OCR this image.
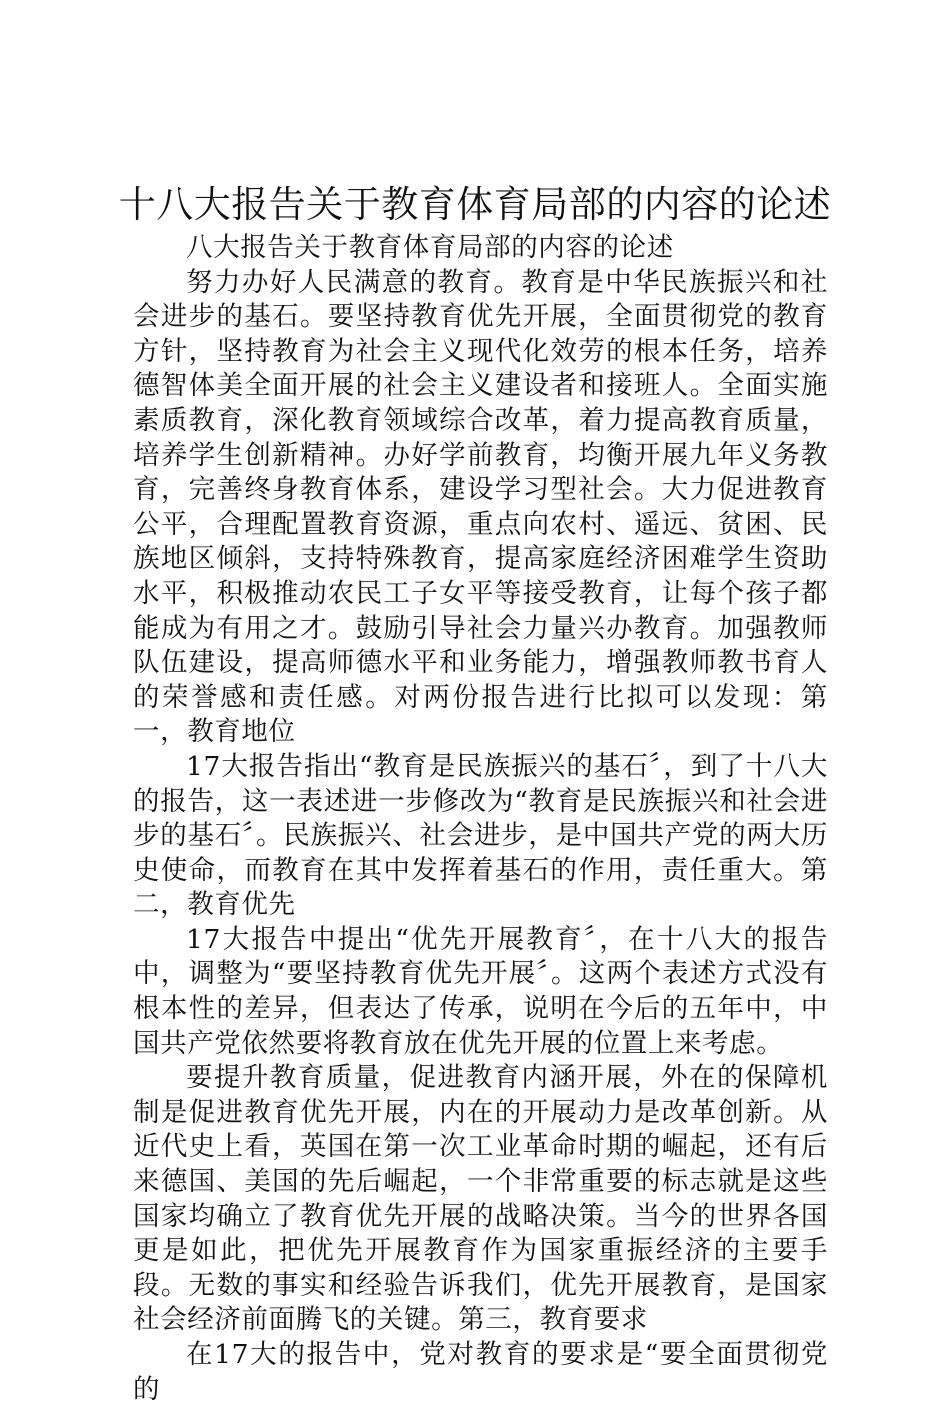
十八大报告关于教育体育局部的内容的论述

八大报告关于教育体育局部的内容的论述

努力办好人民满意的教育。教育是中华民族振兴和社会进步的基石。要坚持教育优先开展，全面贯彻党的教育方针，坚持教育为社会主义现代化效劳的根本任务，培养德智体美全面开展的社会主义建设者和接班人。全面实施素质教育，深化教育领域综合改革，着力提高教育质量，培养学生创新精神。办好学前教育，均衡开展九年义务教育，完善终身教育体系，建设学习型社会。大力促进教育公平，合理配置教育资源，重点向农村、遥远、贫困、民族地区倾斜，支持特殊教育，提高家庭经济困难学生资助水平，积极推动农民工子女平等接受教育，让每个孩子都能成为有用之才。鼓励引导社会力量兴办教育。加强教师队伍建设，提高师德水平和业务能力，增强教师教书育人的荣誉感和责任感。对两份报告进行比拟可以发现：第一，教育地位

17大报告指出“教育是民族振兴的基石〞，到了十八大的报告，这一表述进一步修改为“教育是民族振兴和社会进步的基石〞。民族振兴、社会进步，是中国共产党的两大历史使命，而教育在其中发挥着基石的作用，责任重大。第二，教育优先

17大报告中提出“优先开展教育〞，在十八大的报告中，调整为“要坚持教育优先开展〞。这两个表述方式没有根本性的差异，但表达了传承，说明在今后的五年中，中国共产党依然要将教育放在优先开展的位置上来考虑。

要提升教育质量，促进教育内涵开展，外在的保障机制是促进教育优先开展，内在的开展动力是改革创新。从近代史上看，英国在第一次工业革命时期的崛起，还有后来德国、美国的先后崛起，一个非常重要的标志就是这些国家均确立了教育优先开展的战略决策。当今的世界各国更是如此，把优先开展教育作为国家重振经济的主要手段。无数的事实和经验告诉我们，优先开展教育，是国家社会经济前面腾飞的关键。第三，教育要求

在17大的报告中，党对教育的要求是“要全面贯彻党的
